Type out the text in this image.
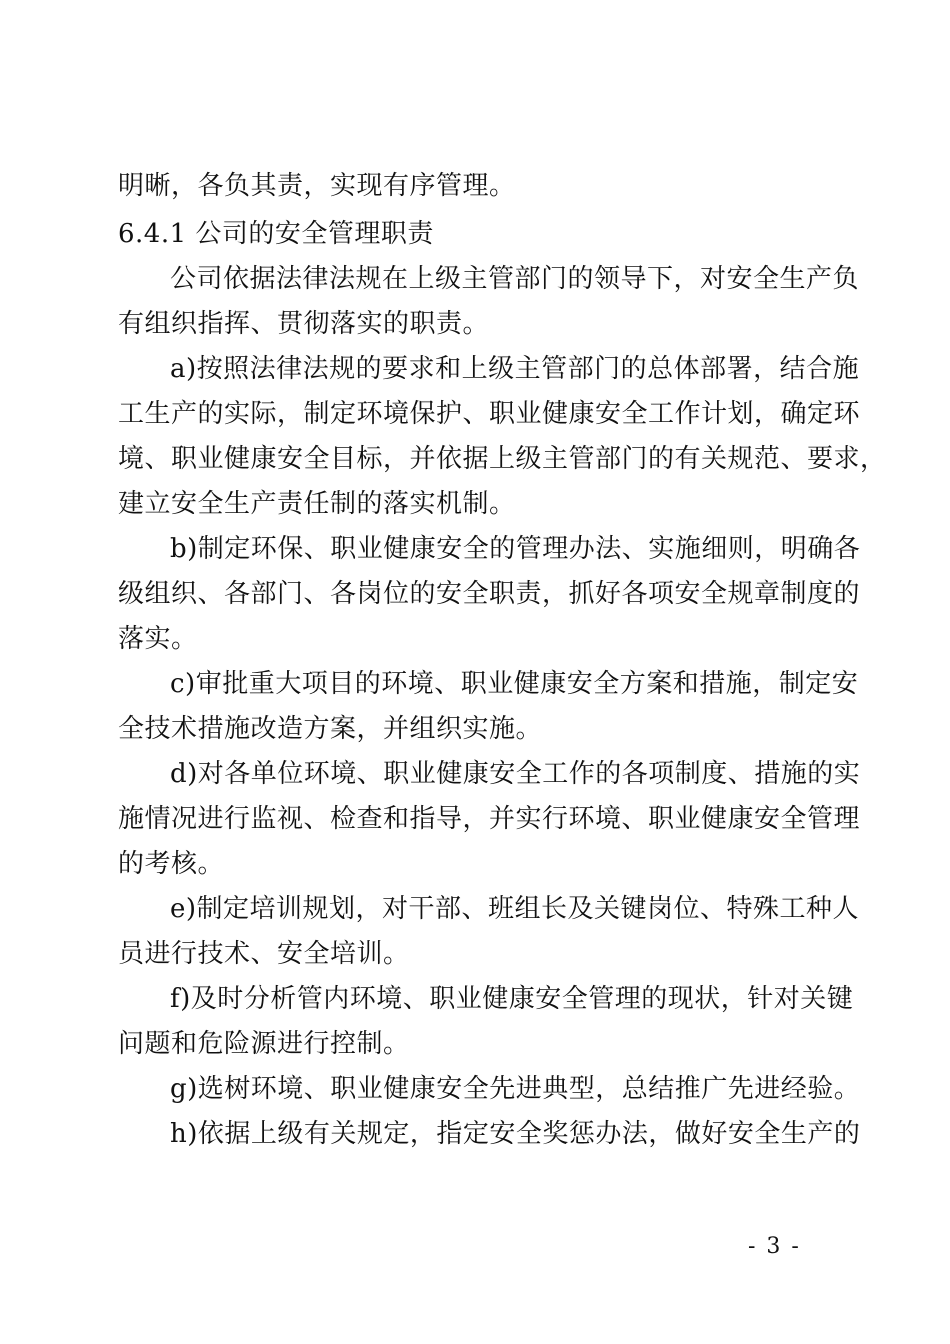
明晰，各负其责，实现有序管理。
6.4.1 公司的安全管理职责
公司依据法律法规在上级主管部门的领导下，对安全生产负
有组织指挥、贯彻落实的职责。
a)按照法律法规的要求和上级主管部门的总体部署，结合施
工生产的实际，制定环境保护、职业健康安全工作计划，确定环
境、职业健康安全目标，并依据上级主管部门的有关规范、要求，
建立安全生产责任制的落实机制。
b)制定环保、职业健康安全的管理办法、实施细则，明确各
级组织、各部门、各岗位的安全职责，抓好各项安全规章制度的
落实。
c)审批重大项目的环境、职业健康安全方案和措施，制定安
全技术措施改造方案，并组织实施。
d)对各单位环境、职业健康安全工作的各项制度、措施的实
施情况进行监视、检查和指导，并实行环境、职业健康安全管理
的考核。
e)制定培训规划，对干部、班组长及关键岗位、特殊工种人
员进行技术、安全培训。
f)及时分析管内环境、职业健康安全管理的现状，针对关键
问题和危险源进行控制。
g)选树环境、职业健康安全先进典型，总结推广先进经验。
h)依据上级有关规定，指定安全奖惩办法，做好安全生产的
- 3 -
